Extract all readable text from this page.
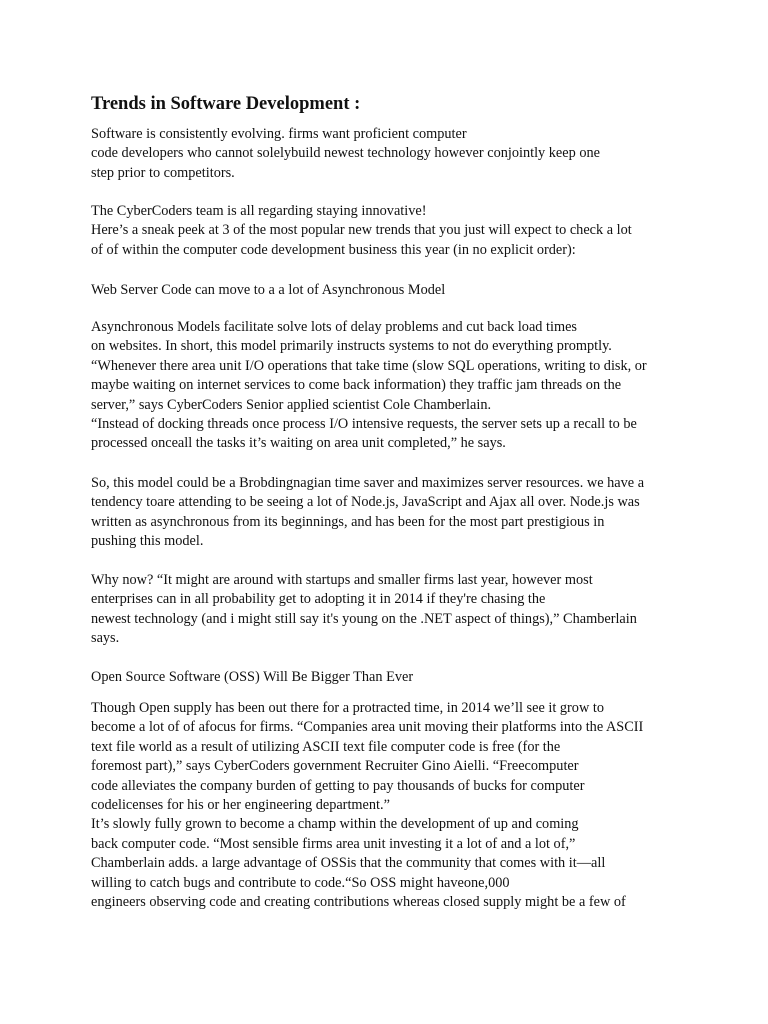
Trends in Software Development :
Software is consistently evolving. firms want proficient computer
code developers who cannot solelybuild newest technology however conjointly keep one
step prior to competitors.
The CyberCoders team is all regarding staying innovative!
Here’s a sneak peek at 3 of the most popular new trends that you just will expect to check a lot
of of within the computer code development business this year (in no explicit order):
Web Server Code can move to a a lot of Asynchronous Model
Asynchronous Models facilitate solve lots of delay problems and cut back load times
on websites. In short, this model primarily instructs systems to not do everything promptly.
“Whenever there area unit I/O operations that take time (slow SQL operations, writing to disk, or
maybe waiting on internet services to come back information) they traffic jam threads on the
server,” says CyberCoders Senior applied scientist Cole Chamberlain.
“Instead of docking threads once process I/O intensive requests, the server sets up a recall to be
processed onceall the tasks it’s waiting on area unit completed,” he says.
So, this model could be a Brobdingnagian time saver and maximizes server resources. we have a
tendency toare attending to be seeing a lot of Node.js, JavaScript and Ajax all over. Node.js was
written as asynchronous from its beginnings, and has been for the most part prestigious in
pushing this model.
Why now? “It might are around with startups and smaller firms last year, however most
enterprises can in all probability get to adopting it in 2014 if they're chasing the
newest technology (and i might still say it's young on the .NET aspect of things),” Chamberlain
says.
Open Source Software (OSS) Will Be Bigger Than Ever
Though Open supply has been out there for a protracted time, in 2014 we’ll see it grow to
become a lot of of afocus for firms. “Companies area unit moving their platforms into the ASCII
text file world as a result of utilizing ASCII text file computer code is free (for the
foremost part),” says CyberCoders government Recruiter Gino Aielli. “Freecomputer
code alleviates the company burden of getting to pay thousands of bucks for computer
codelicenses for his or her engineering department.”
It’s slowly fully grown to become a champ within the development of up and coming
back computer code. “Most sensible firms area unit investing it a lot of and a lot of,”
Chamberlain adds. a large advantage of OSSis that the community that comes with it—all
willing to catch bugs and contribute to code.“So OSS might haveone,000
engineers observing code and creating contributions whereas closed supply might be a few of
